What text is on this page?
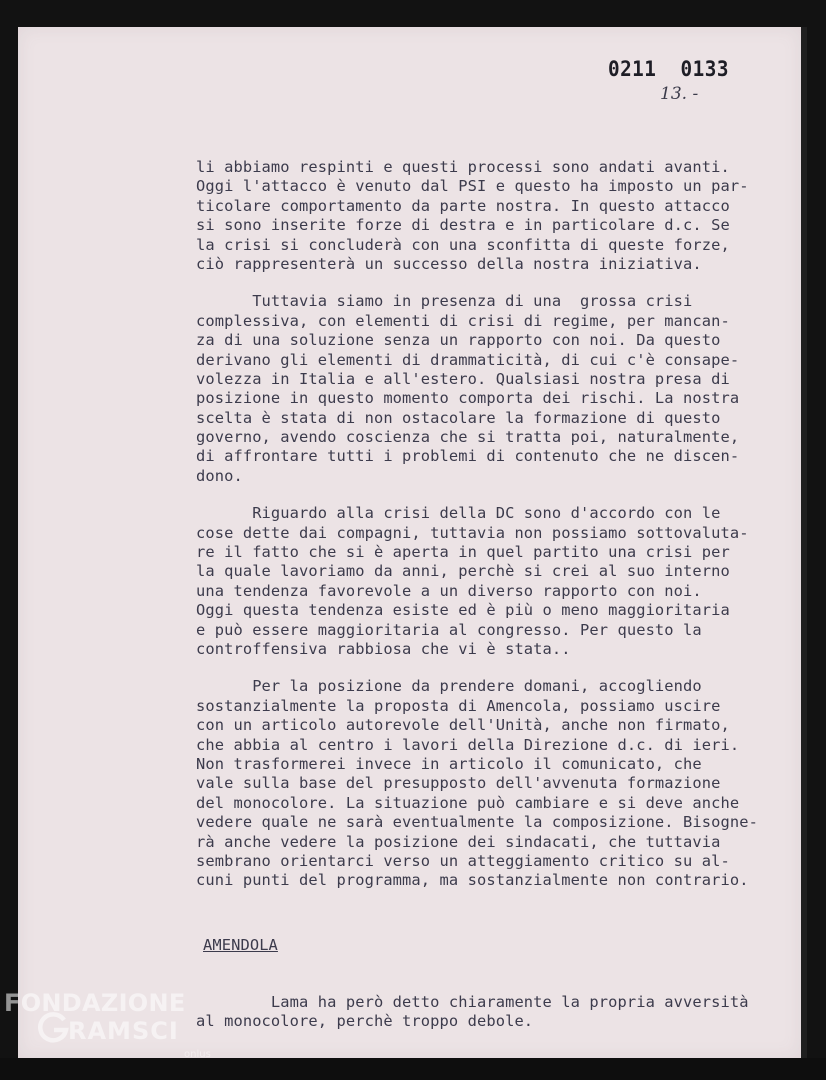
0211  0133
13. -
li abbiamo respinti e questi processi sono andati avanti.
Oggi l'attacco è venuto dal PSI e questo ha imposto un par-
ticolare comportamento da parte nostra. In questo attacco
si sono inserite forze di destra e in particolare d.c. Se
la crisi si concluderà con una sconfitta di queste forze,
ciò rappresenterà un successo della nostra iniziativa.
Tuttavia siamo in presenza di una  grossa crisi
complessiva, con elementi di crisi di regime, per mancan-
za di una soluzione senza un rapporto con noi. Da questo
derivano gli elementi di drammaticità, di cui c'è consape-
volezza in Italia e all'estero. Qualsiasi nostra presa di
posizione in questo momento comporta dei rischi. La nostra
scelta è stata di non ostacolare la formazione di questo
governo, avendo coscienza che si tratta poi, naturalmente,
di affrontare tutti i problemi di contenuto che ne discen-
dono.
Riguardo alla crisi della DC sono d'accordo con le
cose dette dai compagni, tuttavia non possiamo sottovaluta-
re il fatto che si è aperta in quel partito una crisi per
la quale lavoriamo da anni, perchè si crei al suo interno
una tendenza favorevole a un diverso rapporto con noi.
Oggi questa tendenza esiste ed è più o meno maggioritaria
e può essere maggioritaria al congresso. Per questo la
controffensiva rabbiosa che vi è stata..
Per la posizione da prendere domani, accogliendo
sostanzialmente la proposta di Amencola, possiamo uscire
con un articolo autorevole dell'Unità, anche non firmato,
che abbia al centro i lavori della Direzione d.c. di ieri.
Non trasformerei invece in articolo il comunicato, che
vale sulla base del presupposto dell'avvenuta formazione
del monocolore. La situazione può cambiare e si deve anche
vedere quale ne sarà eventualmente la composizione. Bisogne-
rà anche vedere la posizione dei sindacati, che tuttavia
sembrano orientarci verso un atteggiamento critico su al-
cuni punti del programma, ma sostanzialmente non contrario.
AMENDOLA
Lama ha però detto chiaramente la propria avversità
al monocolore, perchè troppo debole.
FONDAZIONE
RAMSCI
onlus
